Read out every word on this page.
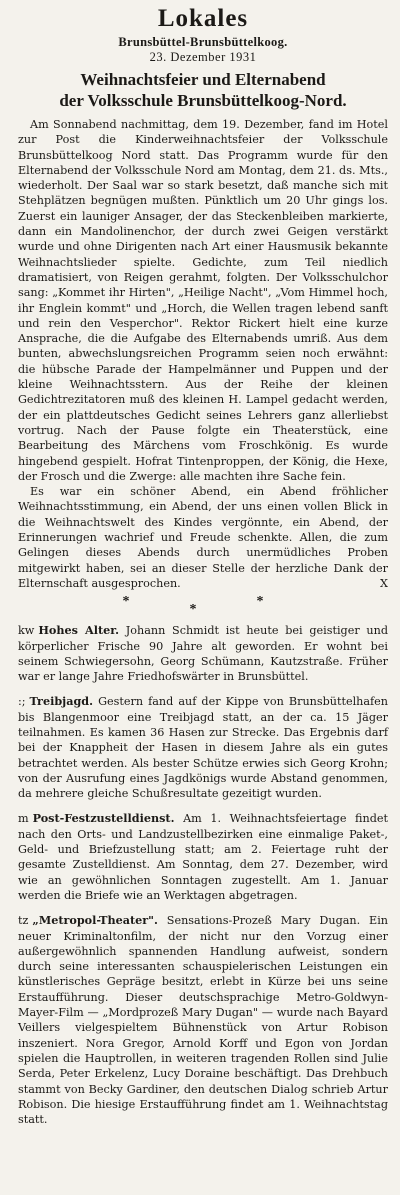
Lokales
Brunsbüttel-Brunsbüttelkoog.
23. Dezember 1931
Weihnachtsfeier und Elternabend
der Volksschule Brunsbüttelkoog-Nord.

Am Sonnabend nachmittag, dem 19. Dezember, fand im Hotel zur Post die Kinderweihnachtsfeier der Volksschule Brunsbüttelkoog Nord statt. Das Programm wurde für den Elternabend der Volksschule Nord am Montag, dem 21. ds. Mts., wiederholt. Der Saal war so stark besetzt, daß manche sich mit Stehplätzen begnügen mußten. Pünktlich um 20 Uhr gings los. Zuerst ein launiger Ansager, der das Steckenbleiben markierte, dann ein Mandolinenchor, der durch zwei Geigen verstärkt wurde und ohne Dirigenten nach Art einer Hausmusik bekannte Weihnachtslieder spielte. Gedichte, zum Teil niedlich dramatisiert, von Reigen gerahmt, folgten. Der Volksschulchor sang: „Kommet ihr Hirten", „Heilige Nacht", „Vom Himmel hoch, ihr Englein kommt" und „Horch, die Wellen tragen lebend sanft und rein den Vesperchor". Rektor Rickert hielt eine kurze Ansprache, die die Aufgabe des Elternabends umriß. Aus dem bunten, abwechslungsreichen Programm seien noch erwähnt: die hübsche Parade der Hampelmänner und Puppen und der kleine Weihnachtsstern. Aus der Reihe der kleinen Gedichtrezitatoren muß des kleinen H. Lampel gedacht werden, der ein plattdeutsches Gedicht seines Lehrers ganz allerliebst vortrug. Nach der Pause folgte ein Theaterstück, eine Bearbeitung des Märchens vom Froschkönig. Es wurde hingebend gespielt. Hofrat Tintenproppen, der König, die Hexe, der Frosch und die Zwerge: alle machten ihre Sache fein.

Es war ein schöner Abend, ein Abend fröhlicher Weihnachtsstimmung, ein Abend, der uns einen vollen Blick in die Weihnachtswelt des Kindes vergönnte, ein Abend, der Erinnerungen wachrief und Freude schenkte. Allen, die zum Gelingen dieses Abends durch unermüdliches Proben mitgewirkt haben, sei an dieser Stelle der herzliche Dank der Elternschaft ausgesprochen.	X

***

kw Hohes Alter. Johann Schmidt ist heute bei geistiger und körperlicher Frische 90 Jahre alt geworden. Er wohnt bei seinem Schwiegersohn, Georg Schümann, Kautzstraße. Früher war er lange Jahre Friedhofswärter in Brunsbüttel.

:; Treibjagd. Gestern fand auf der Kippe von Brunsbüttelhafen bis Blangenmoor eine Treibjagd statt, an der ca. 15 Jäger teilnahmen. Es kamen 36 Hasen zur Strecke. Das Ergebnis darf bei der Knappheit der Hasen in diesem Jahre als ein gutes betrachtet werden. Als bester Schütze erwies sich Georg Krohn; von der Ausrufung eines Jagdkönigs wurde Abstand genommen, da mehrere gleiche Schußresultate gezeitigt wurden.

m Post-Festzustelldienst. Am 1. Weihnachtsfeiertage findet nach den Orts- und Landzustellbezirken eine einmalige Paket-, Geld- und Briefzustellung statt; am 2. Feiertage ruht der gesamte Zustelldienst. Am Sonntag, dem 27. Dezember, wird wie an gewöhnlichen Sonntagen zugestellt. Am 1. Januar werden die Briefe wie an Werktagen abgetragen.

tz „Metropol-Theater". Sensations-Prozeß Mary Dugan. Ein neuer Kriminaltonfilm, der nicht nur den Vorzug einer außergewöhnlich spannenden Handlung aufweist, sondern durch seine interessanten schauspielerischen Leistungen ein künstlerisches Gepräge besitzt, erlebt in Kürze bei uns seine Erstaufführung. Dieser deutschsprachige Metro-Goldwyn-Mayer-Film — „Mordprozeß Mary Dugan" — wurde nach Bayard Veillers vielgespieltem Bühnenstück von Artur Robison inszeniert. Nora Gregor, Arnold Korff und Egon von Jordan spielen die Hauptrollen, in weiteren tragenden Rollen sind Julie Serda, Peter Erkelenz, Lucy Doraine beschäftigt. Das Drehbuch stammt von Becky Gardiner, den deutschen Dialog schrieb Artur Robison. Die hiesige Erstaufführung findet am 1. Weihnachtstag statt.
